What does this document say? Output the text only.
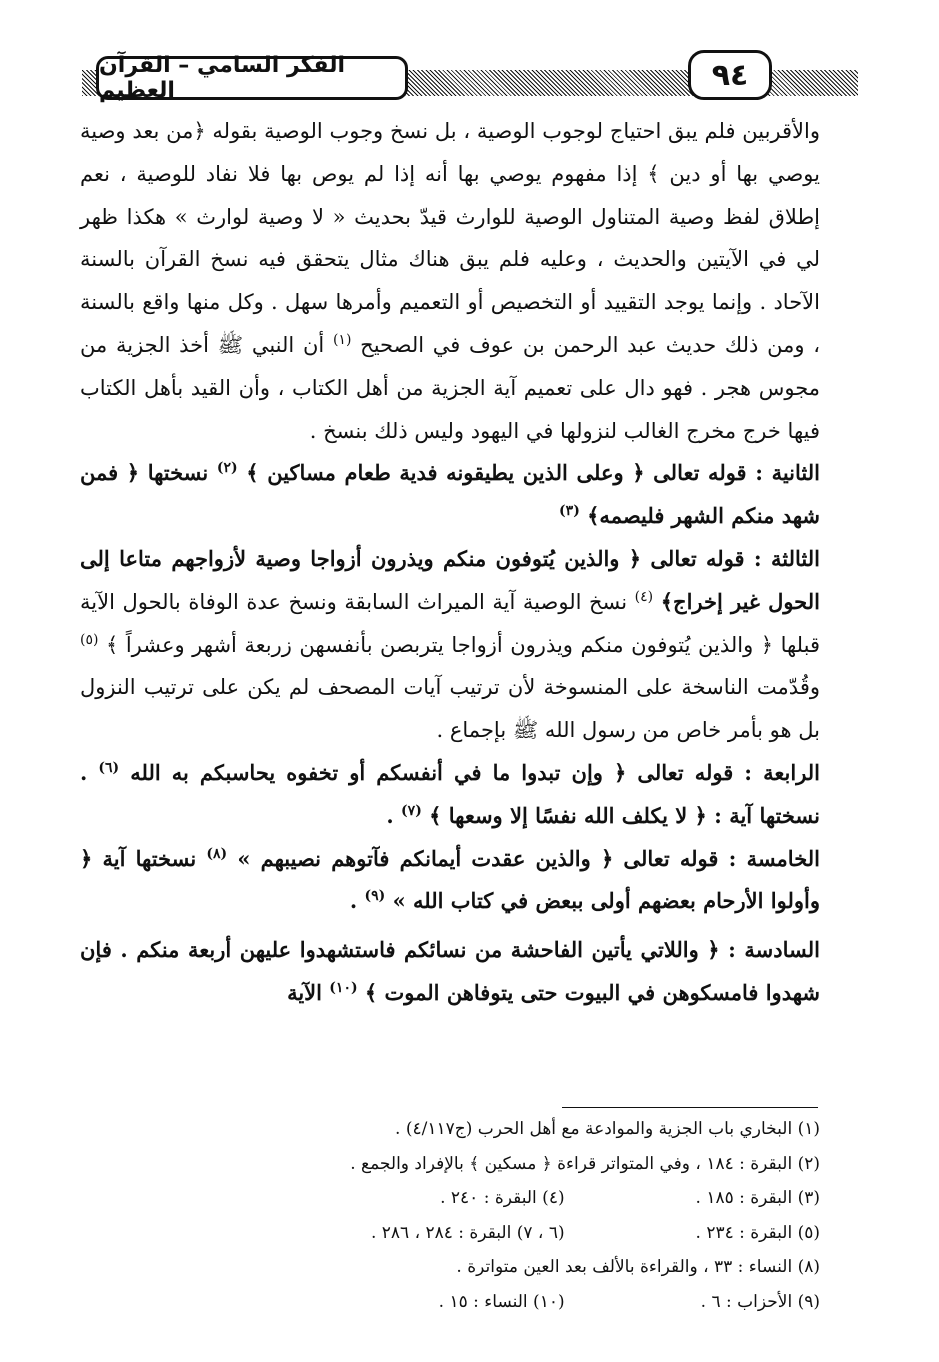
الفكر السامي – القرآن العظيم	٩٤

والأقربين فلم يبق احتياج لوجوب الوصية ، بل نسخ وجوب الوصية بقوله ﴿من بعد وصية يوصي بها أو دين ﴾ إذا مفهوم يوصي بها أنه إذا لم يوص بها فلا نفاد للوصية ، نعم إطلاق لفظ وصية المتناول الوصية للوارث قيدّ بحديث « لا وصية لوارث » هكذا ظهر لي في الآيتين والحديث ، وعليه فلم يبق هناك مثال يتحقق فيه نسخ القرآن بالسنة الآحاد . وإنما يوجد التقييد أو التخصيص أو التعميم وأمرها سهل . وكل منها واقع بالسنة ، ومن ذلك حديث عبد الرحمن بن عوف في الصحيح $^{(١)}$ أن النبي ﷺ أخذ الجزية من مجوس هجر . فهو دال على تعميم آية الجزية من أهل الكتاب ، وأن القيد بأهل الكتاب فيها خرج مخرج الغالب لنزولها في اليهود وليس ذلك بنسخ .

الثانية : قوله تعالى ﴿ وعلى الذين يطيقونه فدية طعام مساكين ﴾ $^{(٢)}$ نسختها ﴿ فمن شهد منكم الشهر فليصمه﴾ $^{(٣)}$

الثالثة : قوله تعالى ﴿ والذين يُتوفون منكم ويذرون أزواجا وصية لأزواجهم متاعا إلى الحول غير إخراج﴾ $^{(٤)}$ نسخ الوصية آية الميراث السابقة ونسخ عدة الوفاة بالحول الآية قبلها ﴿ والذين يُتوفون منكم ويذرون أزواجا يتربصن بأنفسهن زربعة أشهر وعشراً ﴾ $^{(٥)}$ وقُدّمت الناسخة على المنسوخة لأن ترتيب آيات المصحف لم يكن على ترتيب النزول بل هو بأمر خاص من رسول الله ﷺ بإجماع .

الرابعة : قوله تعالى ﴿ وإن تبدوا ما في أنفسكم أو تخفوه يحاسبكم به الله $^{(٦)}$ . نسختها آية : ﴿ لا يكلف الله نفسًا إلا وسعها ﴾ $^{(٧)}$ .

الخامسة : قوله تعالى ﴿ والذين عقدت أيمانكم فآتوهم نصيبهم » $^{(٨)}$ نسختها آية ﴿ وأولوا الأرحام بعضهم أولى ببعض في كتاب الله » $^{(٩)}$ .

السادسة : ﴿ واللاتي يأتين الفاحشة من نسائكم فاستشهدوا عليهن أربعة منكم . فإن شهدوا فامسكوهن في البيوت حتى يتوفاهن الموت ﴾ $^{(١٠)}$ الآية

(١) البخاري باب الجزية والموادعة مع أهل الحرب (ج٤/١١٧) .
(٢) البقرة : ١٨٤ ، وفي المتواتر قراءة ﴿ مسكين ﴾ بالإفراد والجمع .
(٣) البقرة : ١٨٥ . (٤) البقرة : ٢٤٠ .
(٥) البقرة : ٢٣٤ . (٦ ، ٧) البقرة : ٢٨٤ ، ٢٨٦ .
(٨) النساء : ٣٣ ، والقراءة بالألف بعد العين متواترة .
(٩) الأحزاب : ٦ . (١٠) النساء : ١٥ .
